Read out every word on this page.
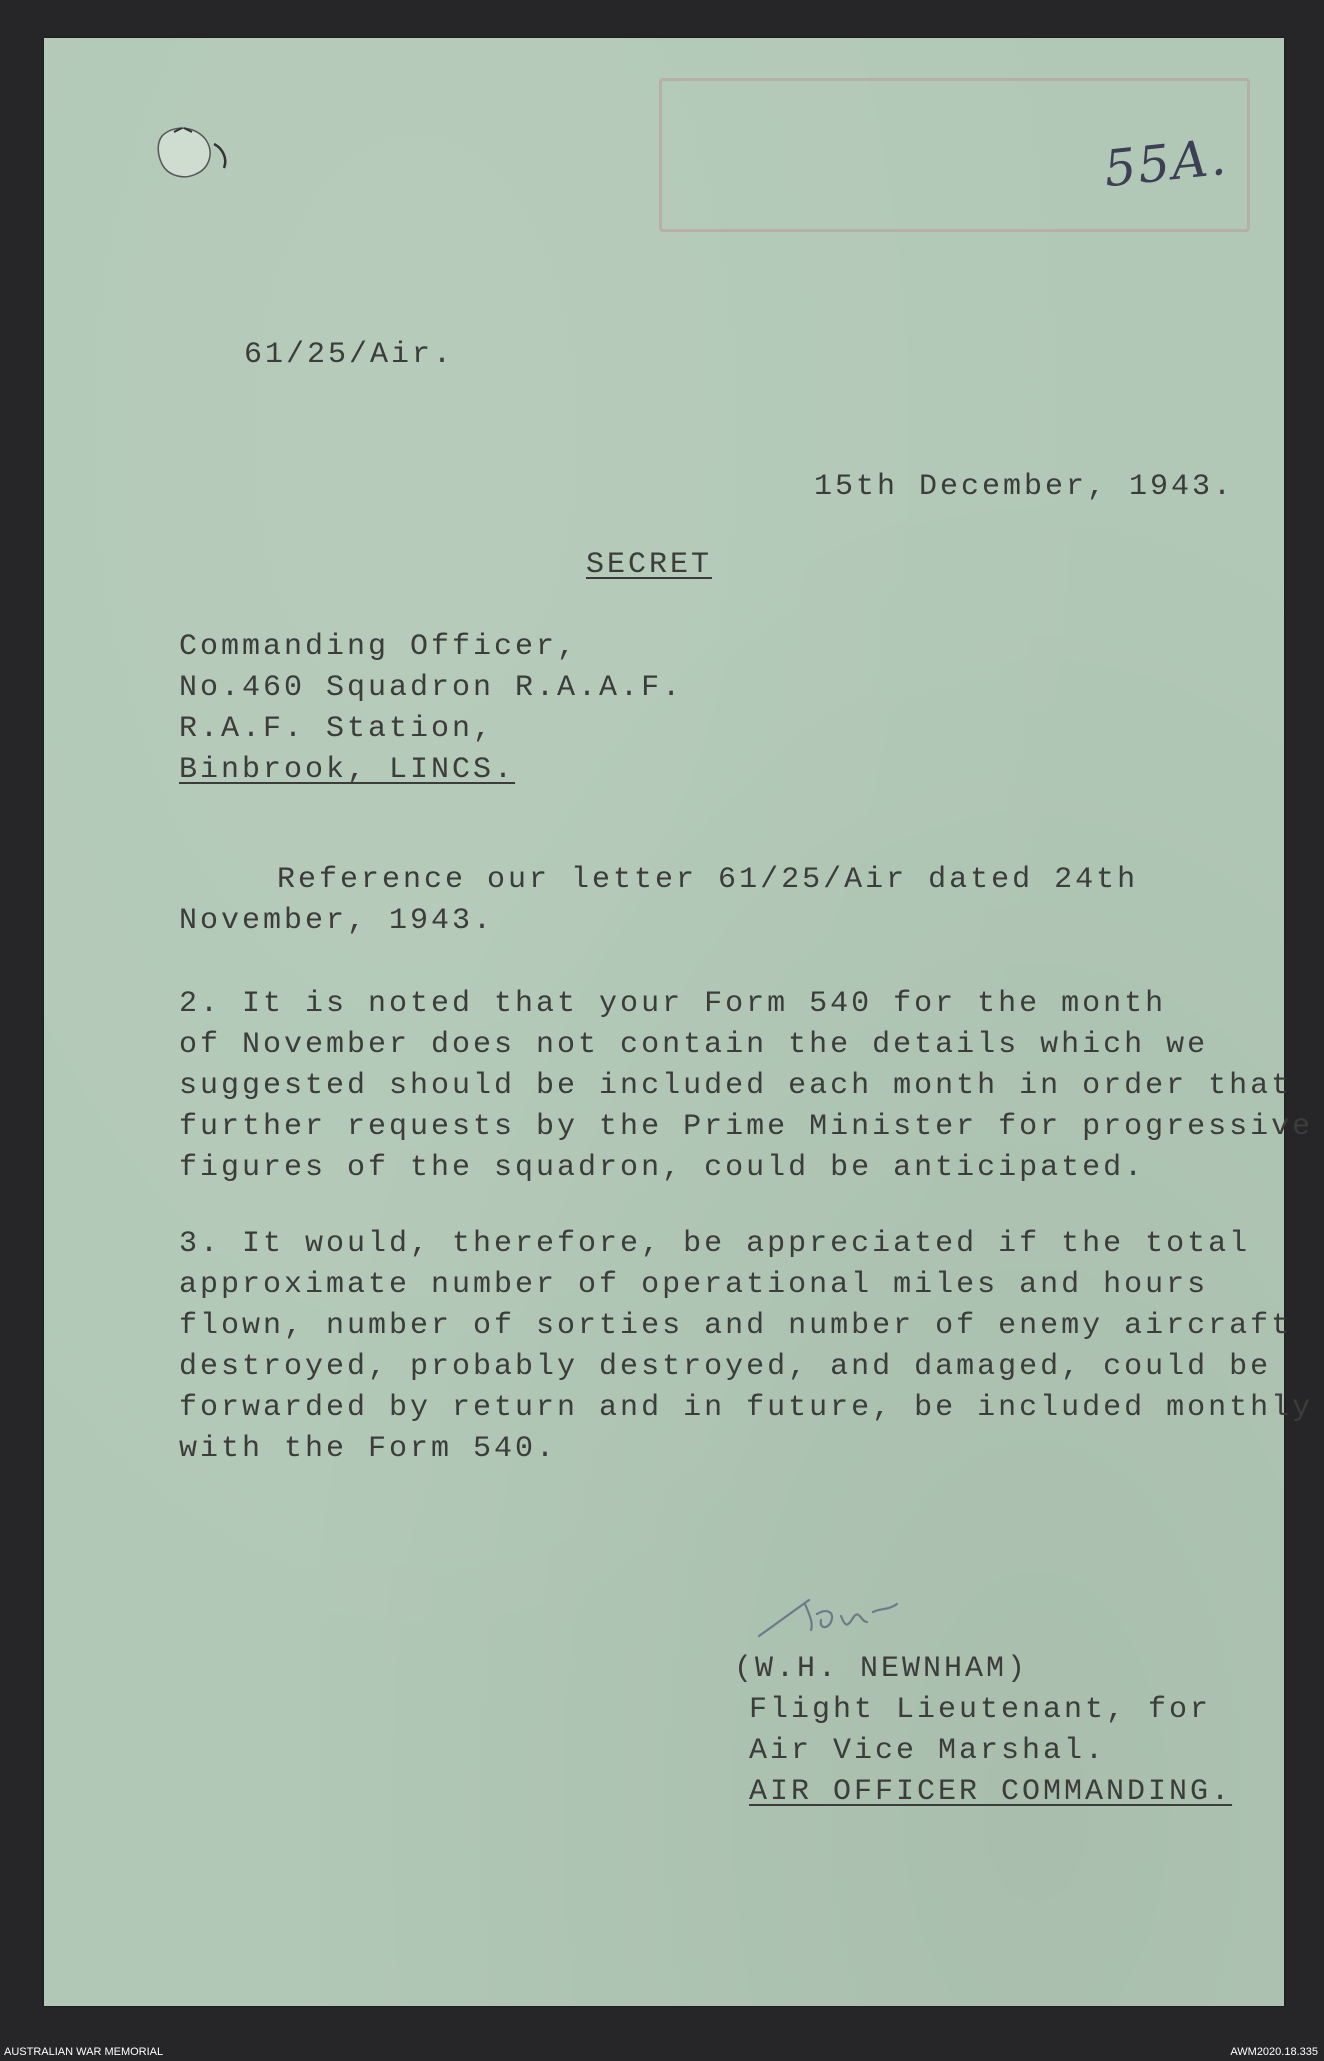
55A.
61/25/Air.
15th December, 1943.
SECRET
Commanding Officer,
No.460 Squadron R.A.A.F.
R.A.F. Station,
Binbrook, LINCS.
Reference our letter 61/25/Air dated 24th
November, 1943.
2. It is noted that your Form 540 for the month
of November does not contain the details which we
suggested should be included each month in order that
further requests by the Prime Minister for progressive
figures of the squadron, could be anticipated.
3. It would, therefore, be appreciated if the total
approximate number of operational miles and hours
flown, number of sorties and number of enemy aircraft
destroyed, probably destroyed, and damaged, could be
forwarded by return and in future, be included monthly
with the Form 540.
(W.H. NEWNHAM)
Flight Lieutenant, for
Air Vice Marshal.
AIR OFFICER COMMANDING.
AUSTRALIAN WAR MEMORIAL	AWM2020.18.335
